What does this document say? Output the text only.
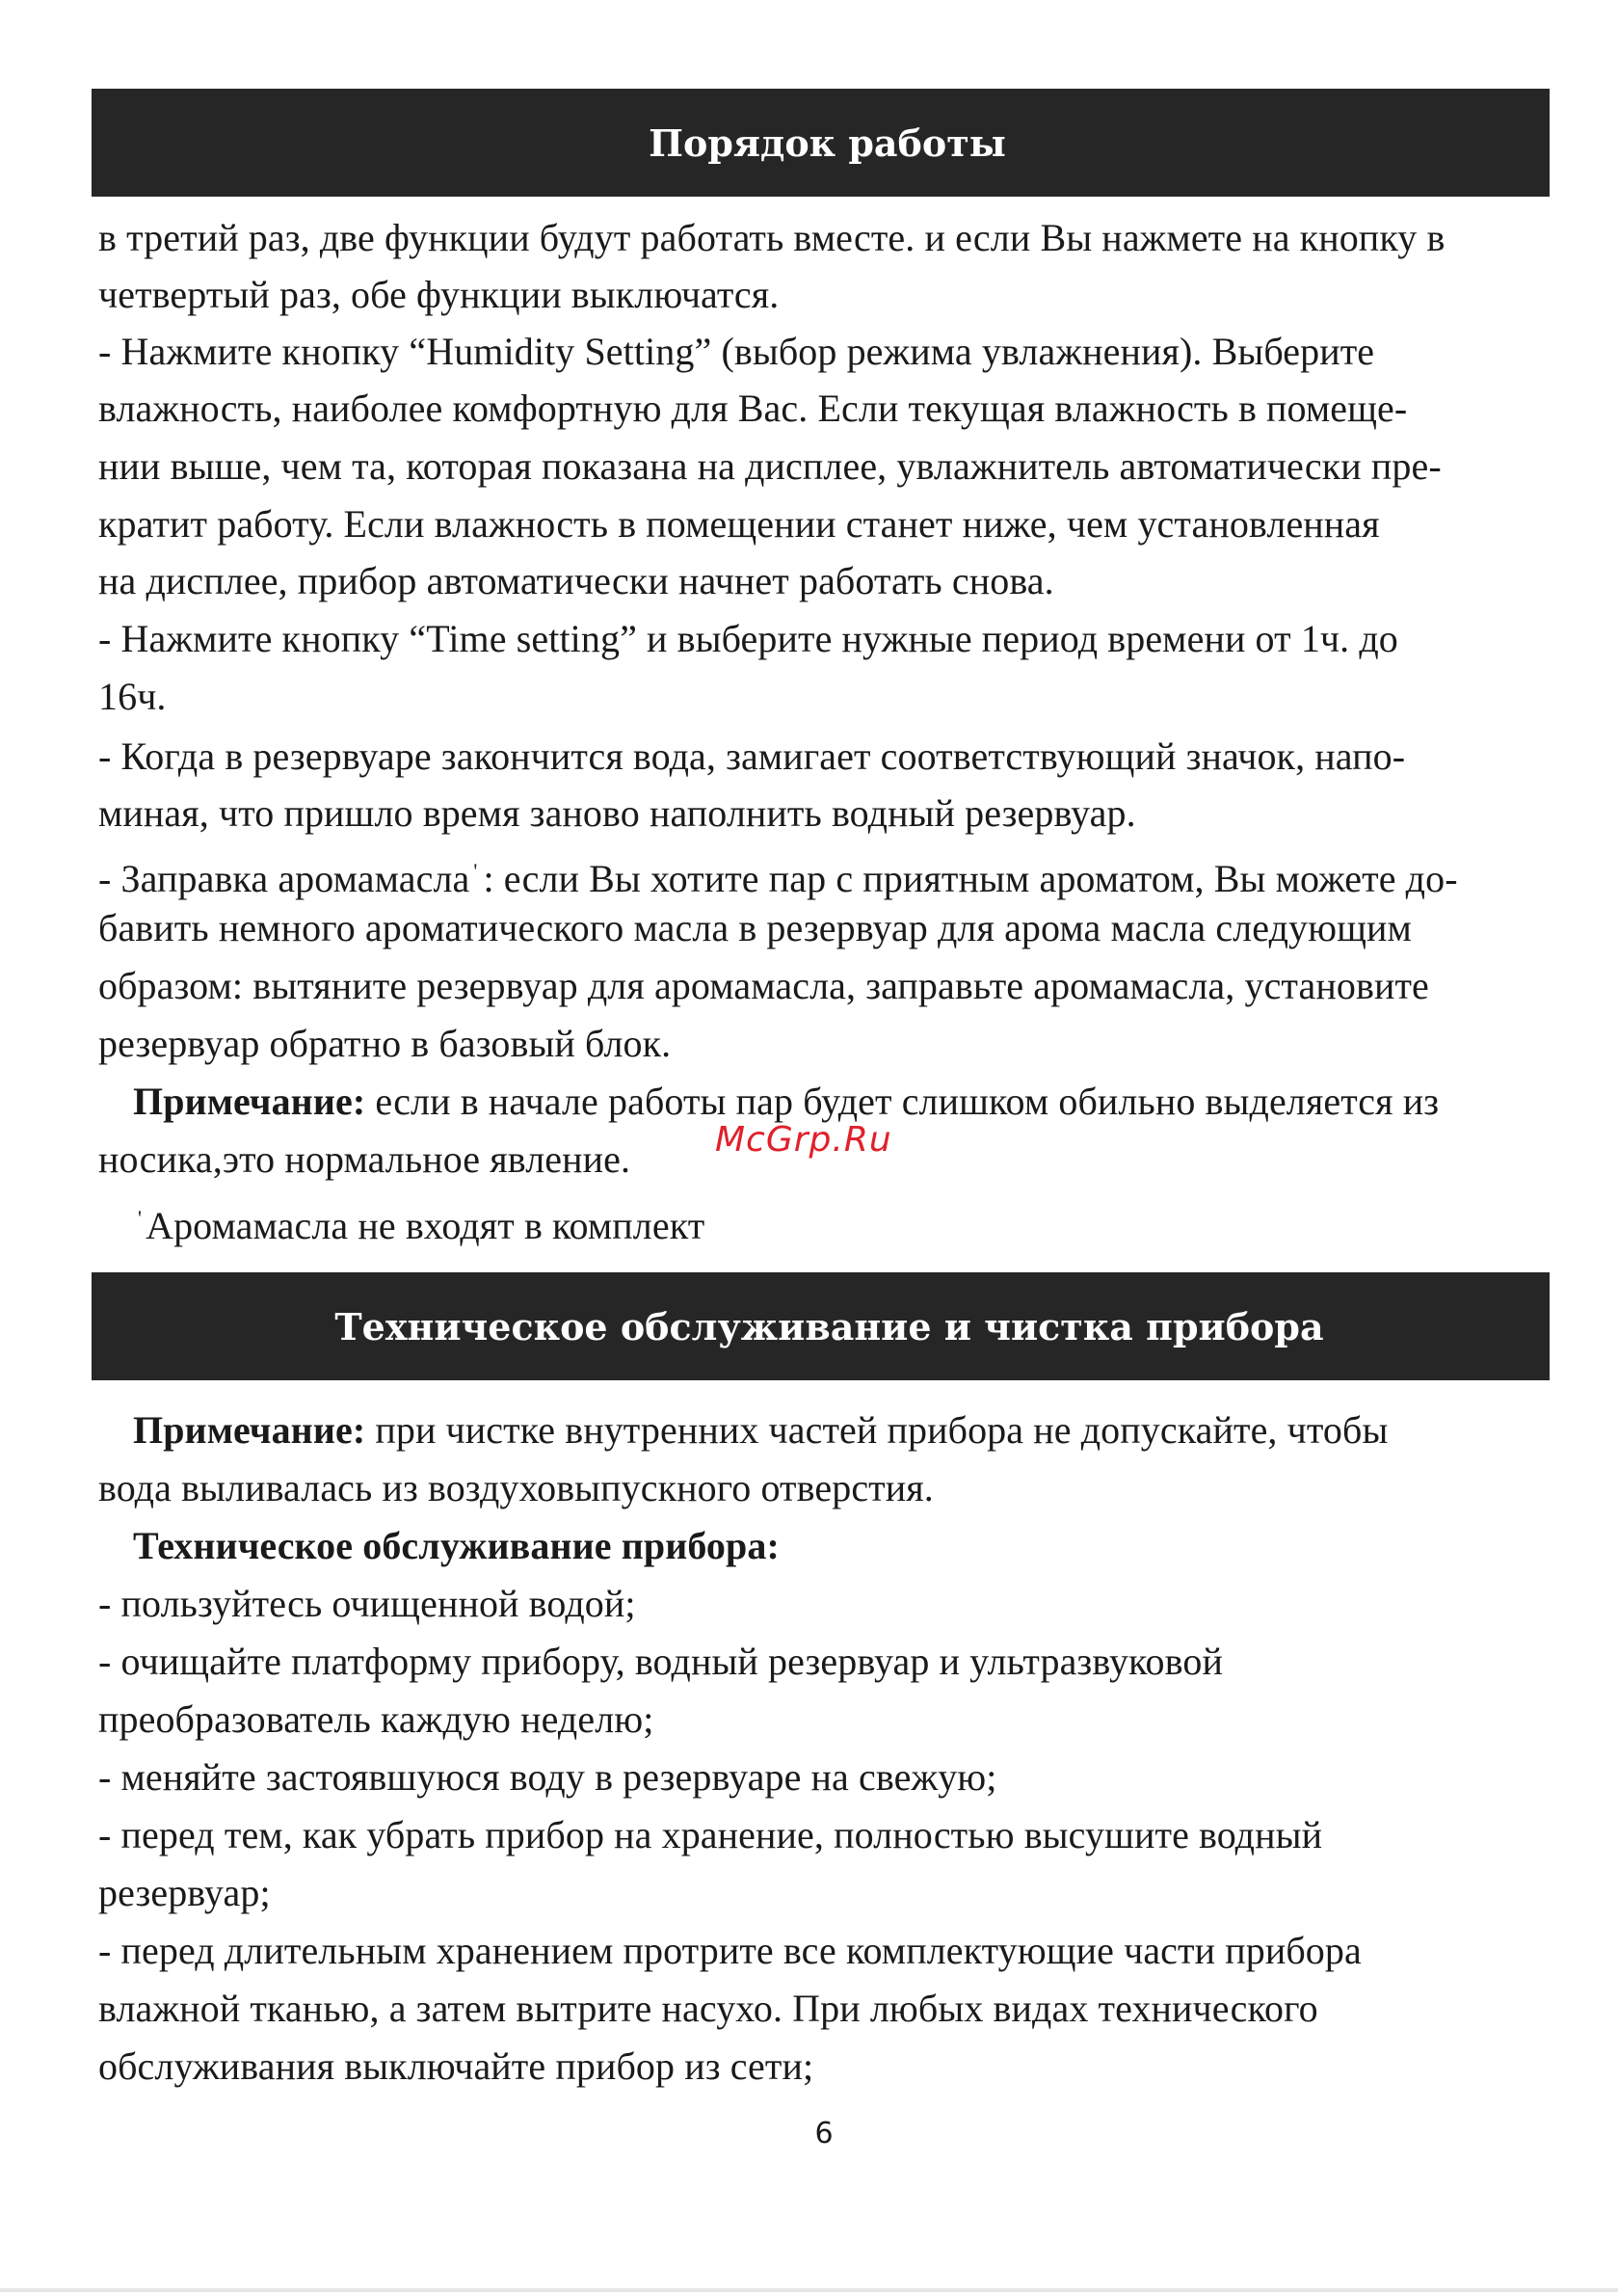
Порядок работы
в третий раз, две функции будут работать вместе. и если Вы нажмете на кнопку в
четвертый раз, обе функции выключатся.
- Нажмите кнопку “Humidity Setting” (выбор режима увлажнения). Выберите
влажность, наиболее комфортную для Вас. Если текущая влажность в помеще-
нии выше, чем та, которая показана на дисплее, увлажнитель автоматически пре-
кратит работу. Если влажность в помещении станет ниже, чем установленная
на дисплее, прибор автоматически начнет работать снова.
- Нажмите кнопку “Time setting” и выберите нужные период времени от 1ч. до
16ч.
- Когда в резервуаре закончится вода, замигает соответствующий значок, напо-
миная, что пришло время заново наполнить водный резервуар.
- Заправка аромамасла ' : если Вы хотите пар с приятным ароматом, Вы можете до-
бавить немного ароматического масла в резервуар для арома масла следующим
образом: вытяните резервуар для аромамасла, заправьте аромамасла, установите
резервуар обратно в базовый блок.
Примечание: если в начале работы пар будет слишком обильно выделяется из
носика,это нормальное явление.
' Аромамасла не входят в комплект
McGrp.Ru
Техническое обслуживание и чистка прибора
Примечание: при чистке внутренних частей прибора не допускайте, чтобы
вода выливалась из воздуховыпускного отверстия.
Техническое обслуживание прибора:
- пользуйтесь очищенной водой;
- очищайте платформу прибору, водный резервуар и ультразвуковой
преобразователь каждую неделю;
- меняйте застоявшуюся воду в резервуаре на свежую;
- перед тем, как убрать прибор на хранение, полностью высушите водный
резервуар;
- перед длительным хранением протрите все комплектующие части прибора
влажной тканью, а затем вытрите насухо. При любых видах технического
обслуживания выключайте прибор из сети;
6
